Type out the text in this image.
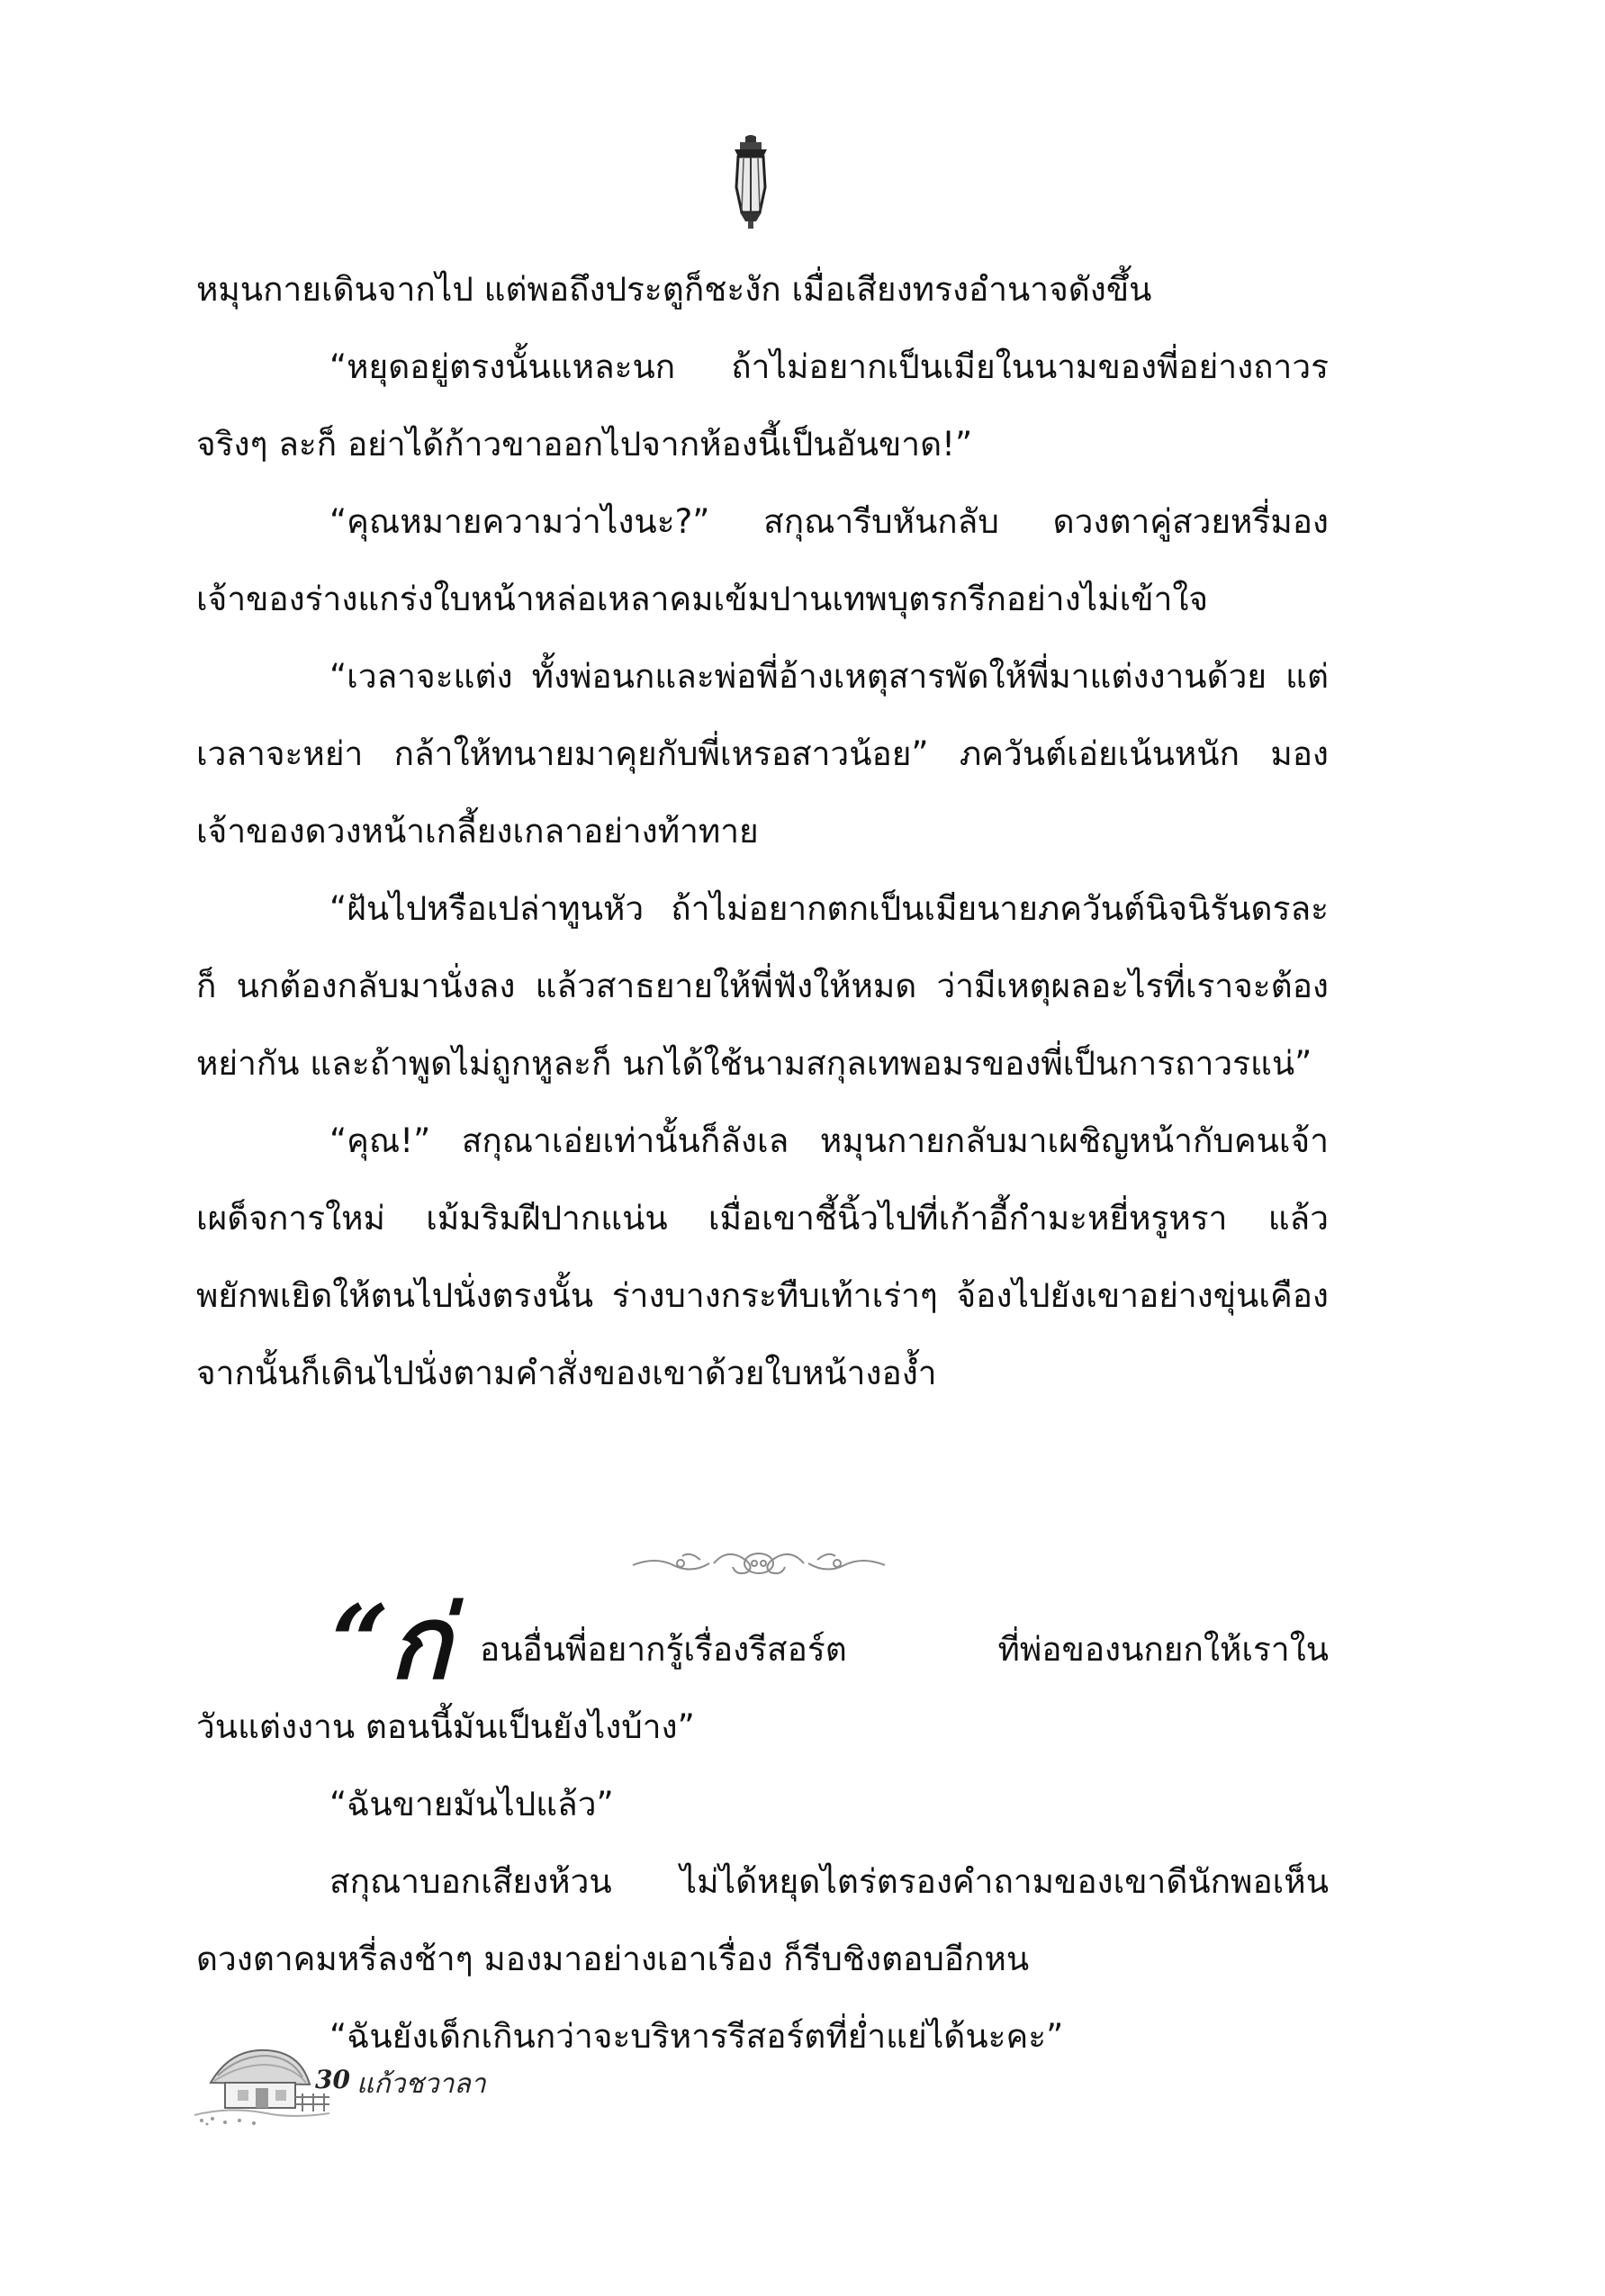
หมุนกายเดินจากไป แต่พอถึงประตูก็ชะงัก เมื่อเสียงทรงอำนาจดังขึ้น

“หยุดอยู่ตรงนั้นแหละนก ถ้าไม่อยากเป็นเมียในนามของพี่อย่างถาวรจริงๆ ละก็ อย่าได้ก้าวขาออกไปจากห้องนี้เป็นอันขาด!”

“คุณหมายความว่าไงนะ?” สกุณารีบหันกลับ ดวงตาคู่สวยหรี่มองเจ้าของร่างแกร่งใบหน้าหล่อเหลาคมเข้มปานเทพบุตรกรีกอย่างไม่เข้าใจ

“เวลาจะแต่ง ทั้งพ่อนกและพ่อพี่อ้างเหตุสารพัดให้พี่มาแต่งงานด้วย แต่เวลาจะหย่า กล้าให้ทนายมาคุยกับพี่เหรอสาวน้อย” ภควันต์เอ่ยเน้นหนัก มองเจ้าของดวงหน้าเกลี้ยงเกลาอย่างท้าทาย

“ฝันไปหรือเปล่าทูนหัว ถ้าไม่อยากตกเป็นเมียนายภควันต์นิจนิรันดรละก็ นกต้องกลับมานั่งลง แล้วสาธยายให้พี่ฟังให้หมด ว่ามีเหตุผลอะไรที่เราจะต้องหย่ากัน และถ้าพูดไม่ถูกหูละก็ นกได้ใช้นามสกุลเทพอมรของพี่เป็นการถาวรแน่”

“คุณ!” สกุณาเอ่ยเท่านั้นก็ลังเล หมุนกายกลับมาเผชิญหน้ากับคนเจ้าเผด็จการใหม่ เม้มริมฝีปากแน่น เมื่อเขาชี้นิ้วไปที่เก้าอี้กำมะหยี่หรูหรา แล้วพยักพเยิดให้ตนไปนั่งตรงนั้น ร่างบางกระทืบเท้าเร่าๆ จ้องไปยังเขาอย่างขุ่นเคือง จากนั้นก็เดินไปนั่งตามคำสั่งของเขาด้วยใบหน้างองํ้า

“ก่ อนอื่นพี่อยากรู้เรื่องรีสอร์ต ที่พ่อของนกยกให้เราใน

วันแต่งงาน ตอนนี้มันเป็นยังไงบ้าง”

“ฉันขายมันไปแล้ว”

สกุณาบอกเสียงห้วน ไม่ได้หยุดไตร่ตรองคำถามของเขาดีนักพอเห็นดวงตาคมหรี่ลงช้าๆ มองมาอย่างเอาเรื่อง ก็รีบชิงตอบอีกหน

“ฉันยังเด็กเกินกว่าจะบริหารรีสอร์ตที่ย่ำแย่ได้นะคะ”

30 แก้วชวาลา
